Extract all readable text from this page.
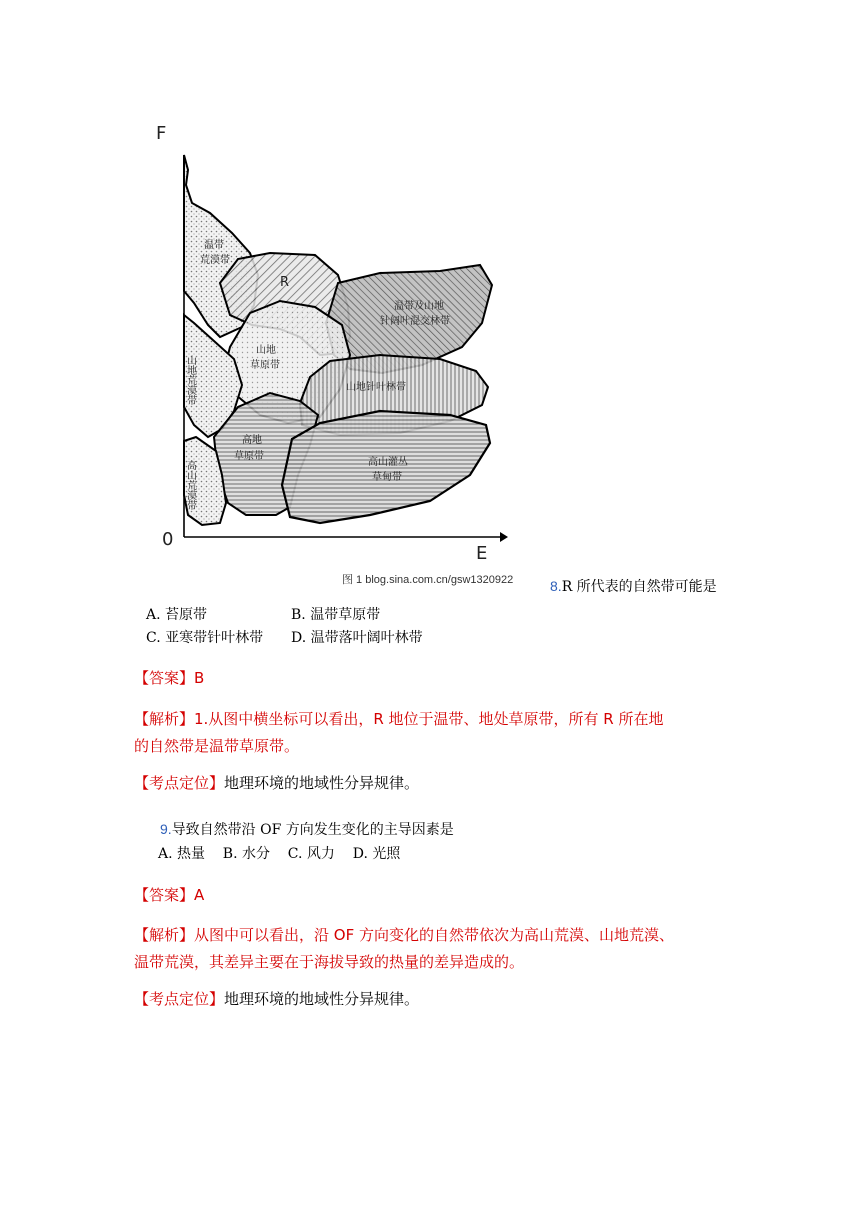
F
E
0
温带
荒漠带
R
温带及山地
针阔叶混交林带
山地
草原带
山地荒漠带	山地针叶林带
高地
草原带
高山灌丛
草甸带
高山荒漠带
图 1 blog.sina.com.cn/gsw1320922	8.R 所代表的自然带可能是
A. 苔原带	B. 温带草原带
C. 亚寒带针叶林带 D. 温带落叶阔叶林带
【答案】B
【解析】1.从图中横坐标可以看出，R 地位于温带、地处草原带，所有 R 所在地
的自然带是温带草原带。
【考点定位】地理环境的地域性分异规律。
9.导致自然带沿 OF 方向发生变化的主导因素是
A. 热量    B. 水分    C. 风力    D. 光照
【答案】A
【解析】从图中可以看出，沿 OF 方向变化的自然带依次为高山荒漠、山地荒漠、
温带荒漠，其差异主要在于海拔导致的热量的差异造成的。
【考点定位】地理环境的地域性分异规律。
